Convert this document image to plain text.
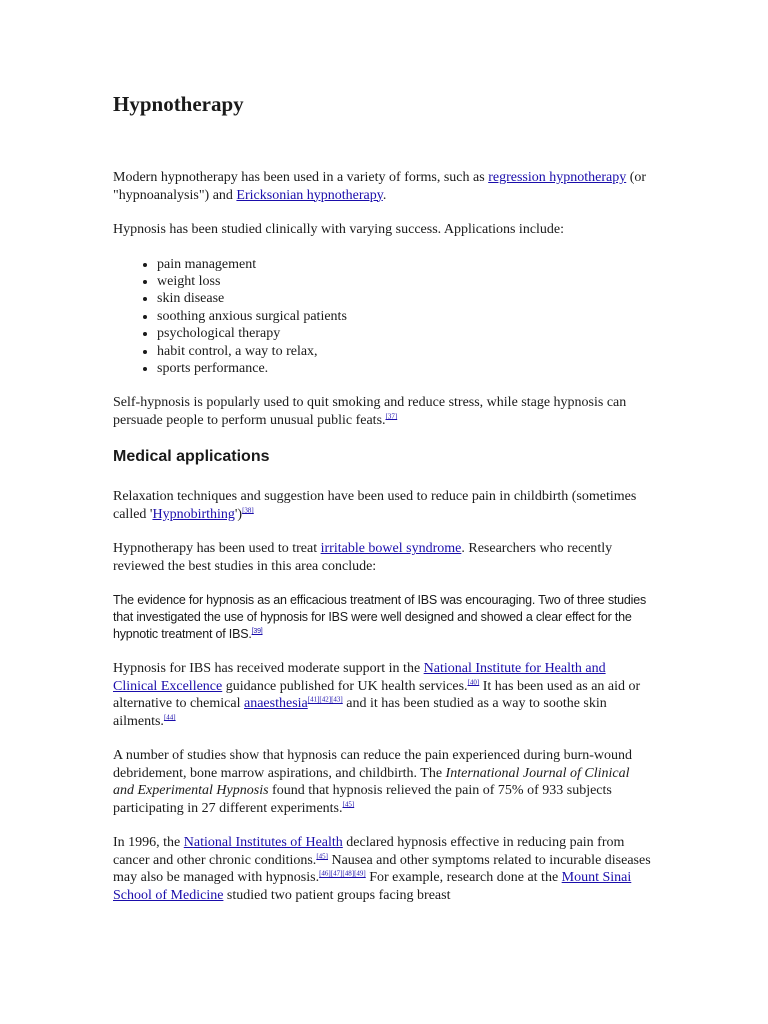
Hypnotherapy

Modern hypnotherapy has been used in a variety of forms, such as regression hypnotherapy (or "hypnoanalysis") and Ericksonian hypnotherapy.

Hypnosis has been studied clinically with varying success. Applications include:

• pain management
• weight loss
• skin disease
• soothing anxious surgical patients
• psychological therapy
• habit control, a way to relax,
• sports performance.

Self-hypnosis is popularly used to quit smoking and reduce stress, while stage hypnosis can persuade people to perform unusual public feats.[37]

Medical applications

Relaxation techniques and suggestion have been used to reduce pain in childbirth (sometimes called 'Hypnobirthing')[38]

Hypnotherapy has been used to treat irritable bowel syndrome. Researchers who recently reviewed the best studies in this area conclude:

The evidence for hypnosis as an efficacious treatment of IBS was encouraging. Two of three studies that investigated the use of hypnosis for IBS were well designed and showed a clear effect for the hypnotic treatment of IBS.[39]

Hypnosis for IBS has received moderate support in the National Institute for Health and Clinical Excellence guidance published for UK health services.[40] It has been used as an aid or alternative to chemical anaesthesia[41][42][43] and it has been studied as a way to soothe skin ailments.[44]

A number of studies show that hypnosis can reduce the pain experienced during burn-wound debridement, bone marrow aspirations, and childbirth. The International Journal of Clinical and Experimental Hypnosis found that hypnosis relieved the pain of 75% of 933 subjects participating in 27 different experiments.[45]

In 1996, the National Institutes of Health declared hypnosis effective in reducing pain from cancer and other chronic conditions.[45] Nausea and other symptoms related to incurable diseases may also be managed with hypnosis.[46][47][48][49] For example, research done at the Mount Sinai School of Medicine studied two patient groups facing breast
